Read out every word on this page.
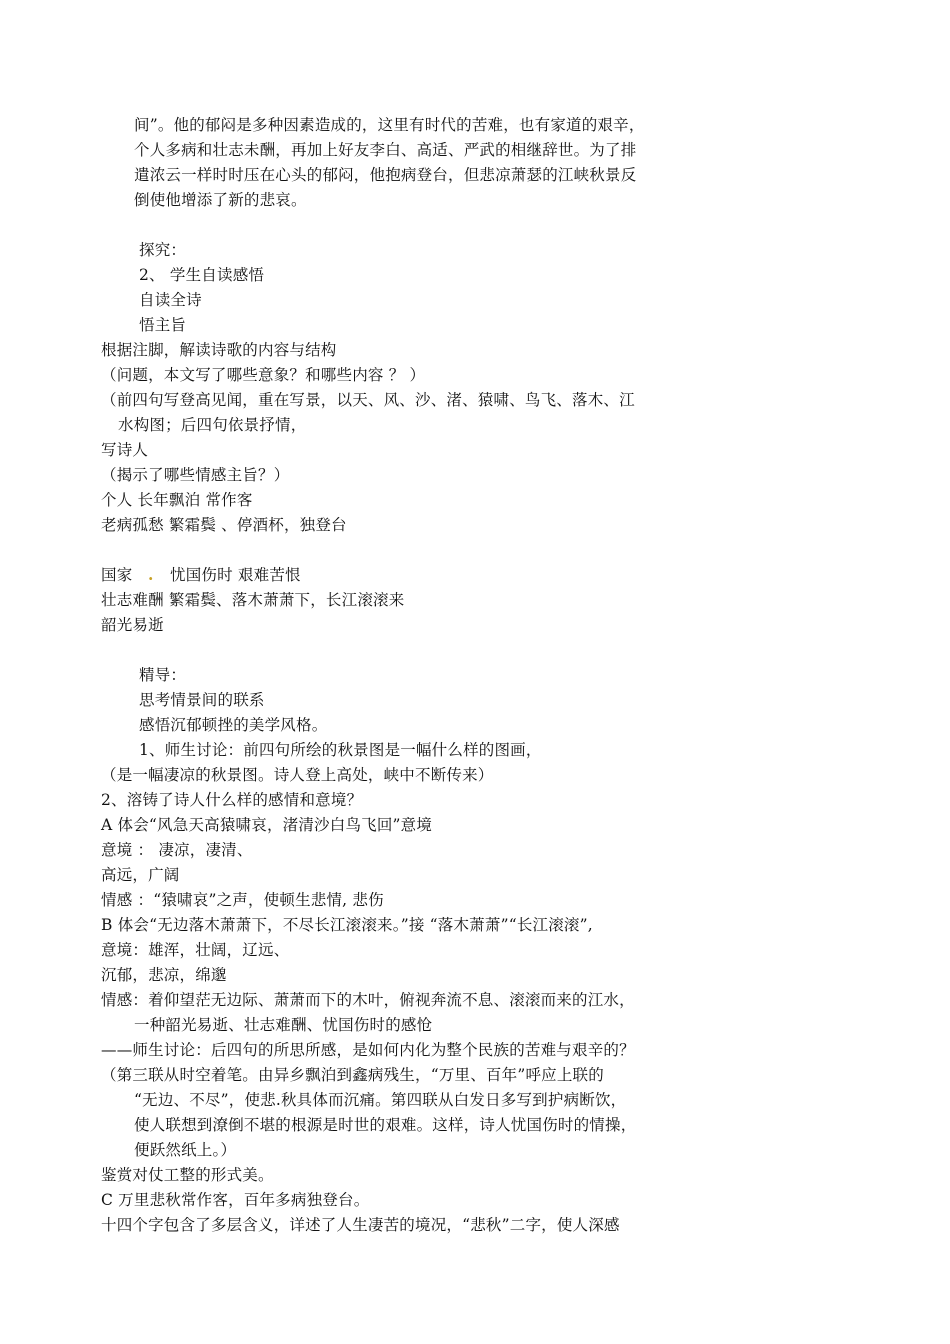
间”。他的郁闷是多种因素造成的，这里有时代的苦难，也有家道的艰辛，
个人多病和壮志未酬，再加上好友李白、高适、严武的相继辞世。为了排
遣浓云一样时时压在心头的郁闷，他抱病登台，但悲凉萧瑟的江峡秋景反
倒使他增添了新的悲哀。
探究：
2、 学生自读感悟
自读全诗
悟主旨
根据注脚，解读诗歌的内容与结构
（问题，本文写了哪些意象？和哪些内容 ？ ）
（前四句写登高见闻，重在写景，以天、风、沙、渚、猿啸、鸟飞、落木、江
水构图；后四句依景抒情，
写诗人
（揭示了哪些情感主旨？）
个人 长年飘泊 常作客
老病孤愁 繁霜鬓 、停酒杯，独登台
国家 . 忧国伤时 艰难苦恨
壮志难酬 繁霜鬓、落木萧萧下，长江滚滚来
韶光易逝
精导：
思考情景间的联系
感悟沉郁顿挫的美学风格。
1、师生讨论：前四句所绘的秋景图是一幅什么样的图画，
（是一幅凄凉的秋景图。诗人登上高处，峡中不断传来）
2、溶铸了诗人什么样的感情和意境？
A 体会“风急天高猿啸哀，渚清沙白鸟飞回”意境
意境 ： 凄凉，凄清、
高远，广阔
情感 ：“猿啸哀”之声，使顿生悲情, 悲伤
B 体会“无边落木萧萧下，不尽长江滚滚来。”接 “落木萧萧”“长江滚滚”,
意境：雄浑，壮阔，辽远、
沉郁，悲凉，绵邈
情感：着仰望茫无边际、萧萧而下的木叶，俯视奔流不息、滚滚而来的江水，
一种韶光易逝、壮志难酬、忧国伤时的感怆
——师生讨论：后四句的所思所感，是如何内化为整个民族的苦难与艰辛的？
（第三联从时空着笔。由异乡飘泊到鑫病残生，“万里、百年”呼应上联的
“无边、不尽”，使悲.秋具体而沉痛。第四联从白发日多写到护病断饮，
使人联想到潦倒不堪的根源是时世的艰难。这样，诗人忧国伤时的情操，
便跃然纸上。）
鉴赏对仗工整的形式美。
C 万里悲秋常作客，百年多病独登台。
十四个字包含了多层含义，详述了人生凄苦的境况，“悲秋”二字，使人深感
